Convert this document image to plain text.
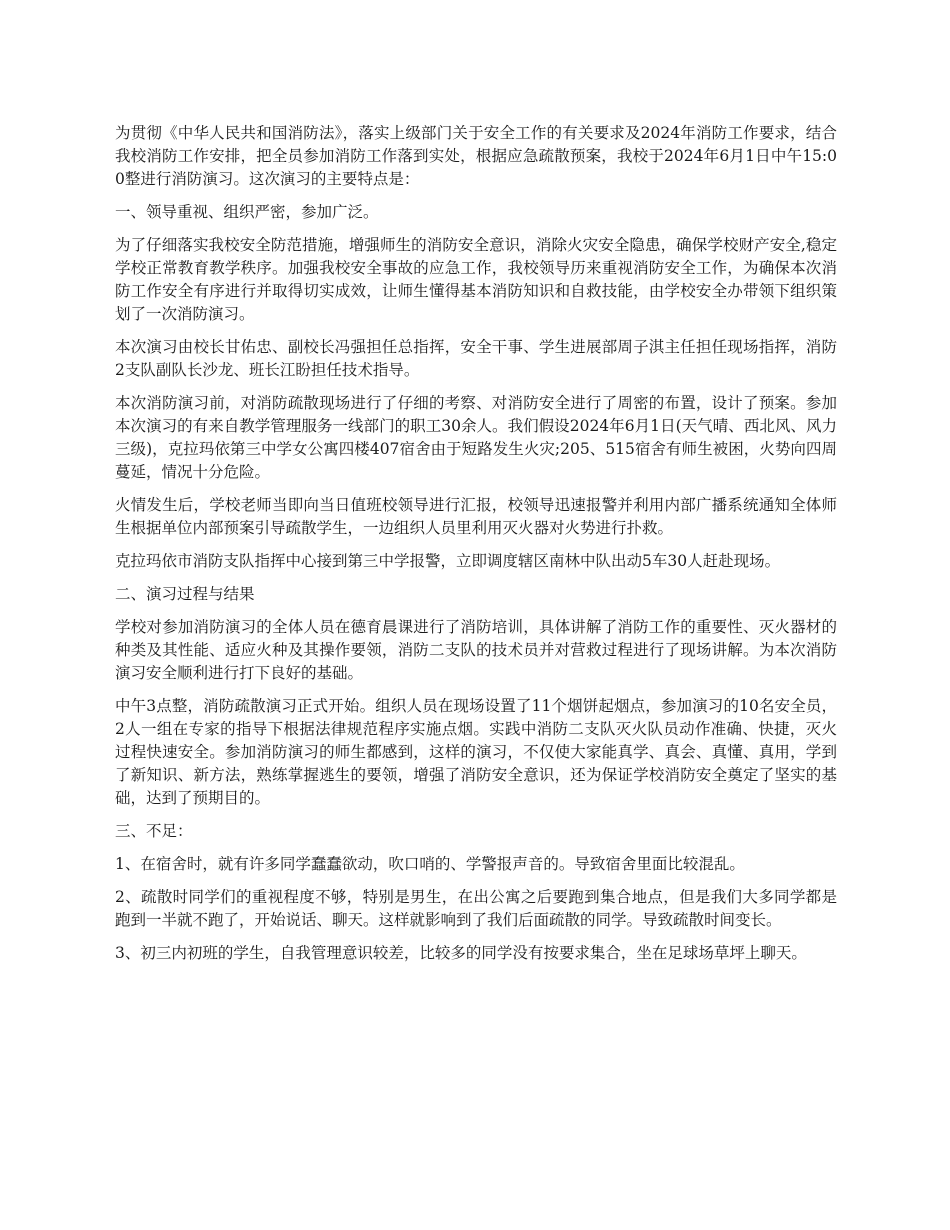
为贯彻《中华人民共和国消防法》，落实上级部门关于安全工作的有关要求及2024年消防工作要求，结合我校消防工作安排，把全员参加消防工作落到实处，根据应急疏散预案，我校于2024年6月1日中午15:00整进行消防演习。这次演习的主要特点是：

一、领导重视、组织严密，参加广泛。

为了仔细落实我校安全防范措施，增强师生的消防安全意识，消除火灾安全隐患，确保学校财产安全,稳定学校正常教育教学秩序。加强我校安全事故的应急工作，我校领导历来重视消防安全工作，为确保本次消防工作安全有序进行并取得切实成效，让师生懂得基本消防知识和自救技能，由学校安全办带领下组织策划了一次消防演习。

本次演习由校长甘佑忠、副校长冯强担任总指挥，安全干事、学生进展部周子淇主任担任现场指挥，消防2支队副队长沙龙、班长江盼担任技术指导。

本次消防演习前，对消防疏散现场进行了仔细的考察、对消防安全进行了周密的布置，设计了预案。参加本次演习的有来自教学管理服务一线部门的职工30余人。我们假设2024年6月1日(天气晴、西北风、风力三级)，克拉玛依第三中学女公寓四楼407宿舍由于短路发生火灾;205、515宿舍有师生被困，火势向四周蔓延，情况十分危险。

火情发生后，学校老师当即向当日值班校领导进行汇报，校领导迅速报警并利用内部广播系统通知全体师生根据单位内部预案引导疏散学生，一边组织人员里利用灭火器对火势进行扑救。

克拉玛依市消防支队指挥中心接到第三中学报警，立即调度辖区南林中队出动5车30人赶赴现场。

二、演习过程与结果

学校对参加消防演习的全体人员在德育晨课进行了消防培训，具体讲解了消防工作的重要性、灭火器材的种类及其性能、适应火种及其操作要领，消防二支队的技术员并对营救过程进行了现场讲解。为本次消防演习安全顺利进行打下良好的基础。

中午3点整，消防疏散演习正式开始。组织人员在现场设置了11个烟饼起烟点，参加演习的10名安全员，2人一组在专家的指导下根据法律规范程序实施点烟。实践中消防二支队灭火队员动作准确、快捷，灭火过程快速安全。参加消防演习的师生都感到，这样的演习，不仅使大家能真学、真会、真懂、真用，学到了新知识、新方法，熟练掌握逃生的要领，增强了消防安全意识，还为保证学校消防安全奠定了坚实的基础，达到了预期目的。

三、不足：

1、在宿舍时，就有许多同学蠢蠢欲动，吹口哨的、学警报声音的。导致宿舍里面比较混乱。

2、疏散时同学们的重视程度不够，特别是男生，在出公寓之后要跑到集合地点，但是我们大多同学都是跑到一半就不跑了，开始说话、聊天。这样就影响到了我们后面疏散的同学。导致疏散时间变长。

3、初三内初班的学生，自我管理意识较差，比较多的同学没有按要求集合，坐在足球场草坪上聊天。
